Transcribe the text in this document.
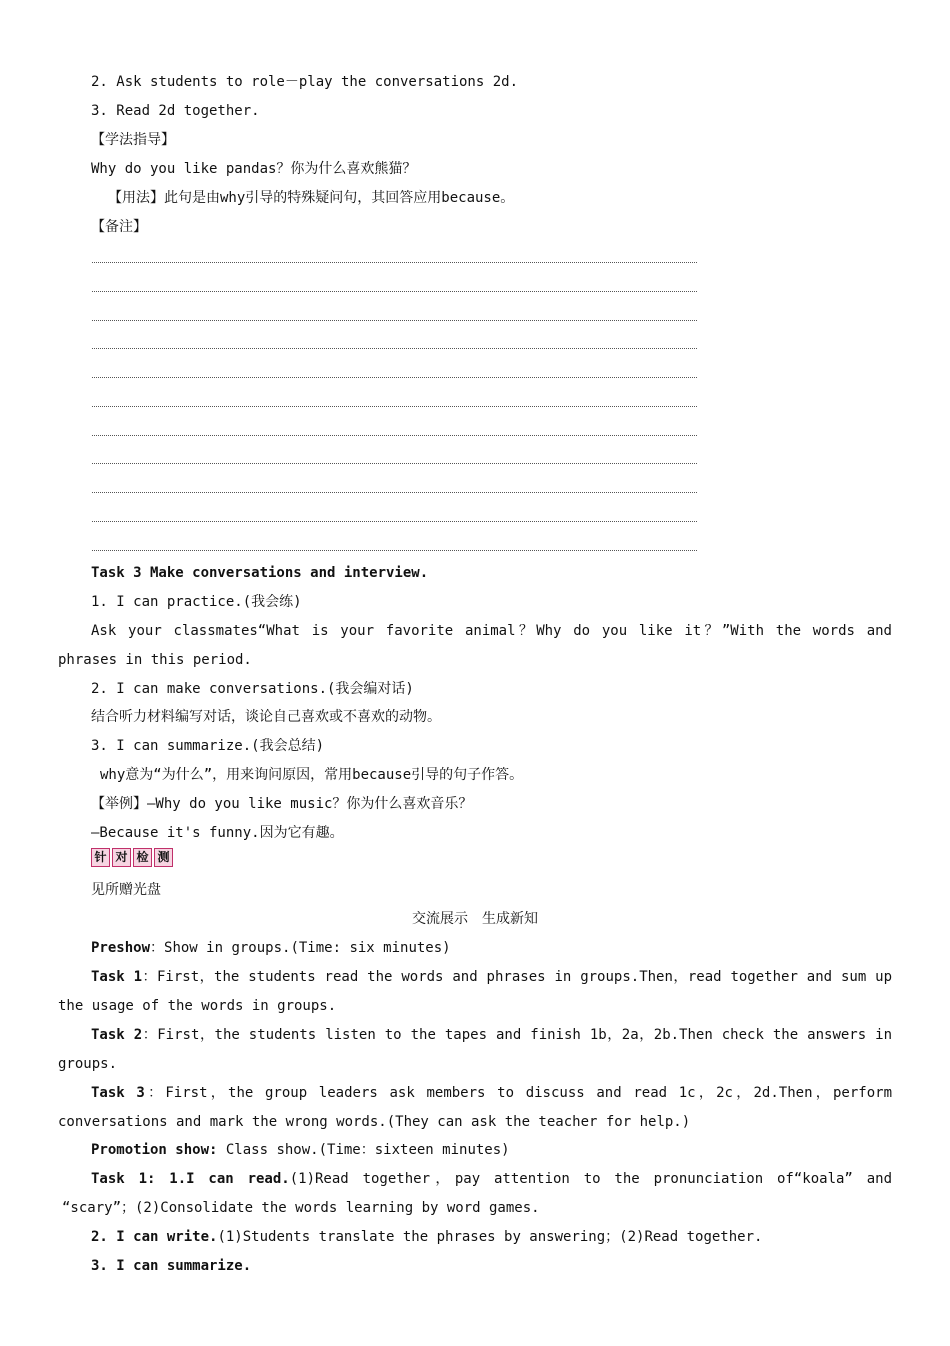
2. Ask students to role－play the conversations 2d.
3. Read 2d together.
【学法指导】
Why do you like pandas？你为什么喜欢熊猫？
【用法】此句是由why引导的特殊疑问句，其回答应用because。
【备注】
Task 3 Make conversations and interview.
1. I can practice.(我会练)
Ask your classmates“What is your favorite animal？Why do you like it？”With the words and
phrases in this period.
2. I can make conversations.(我会编对话)
结合听力材料编写对话，谈论自己喜欢或不喜欢的动物。
3. I can summarize.(我会总结)
why意为“为什么”，用来询问原因，常用because引导的句子作答。
【举例】—Why do you like music？你为什么喜欢音乐？
—Because it's funny.因为它有趣。
针 对 检 测
见所赠光盘
交流展示　生成新知
Preshow：Show in groups.(Time: six minutes)
Task 1：First，the students read the words and phrases in groups.Then，read together and sum up
the usage of the words in groups.
Task 2：First，the students listen to the tapes and finish 1b，2a，2b.Then check the answers in
groups.
Task 3：First，the group leaders ask members to discuss and read 1c，2c，2d.Then，perform
conversations and mark the wrong words.(They can ask the teacher for help.)
Promotion show: Class show.(Time：sixteen minutes)
Task 1: 1.I can read.(1)Read together，pay attention to the pronunciation of“koala” and
“scary”；(2)Consolidate the words learning by word games.
2. I can write.(1)Students translate the phrases by answering；(2)Read together.
3. I can summarize.
